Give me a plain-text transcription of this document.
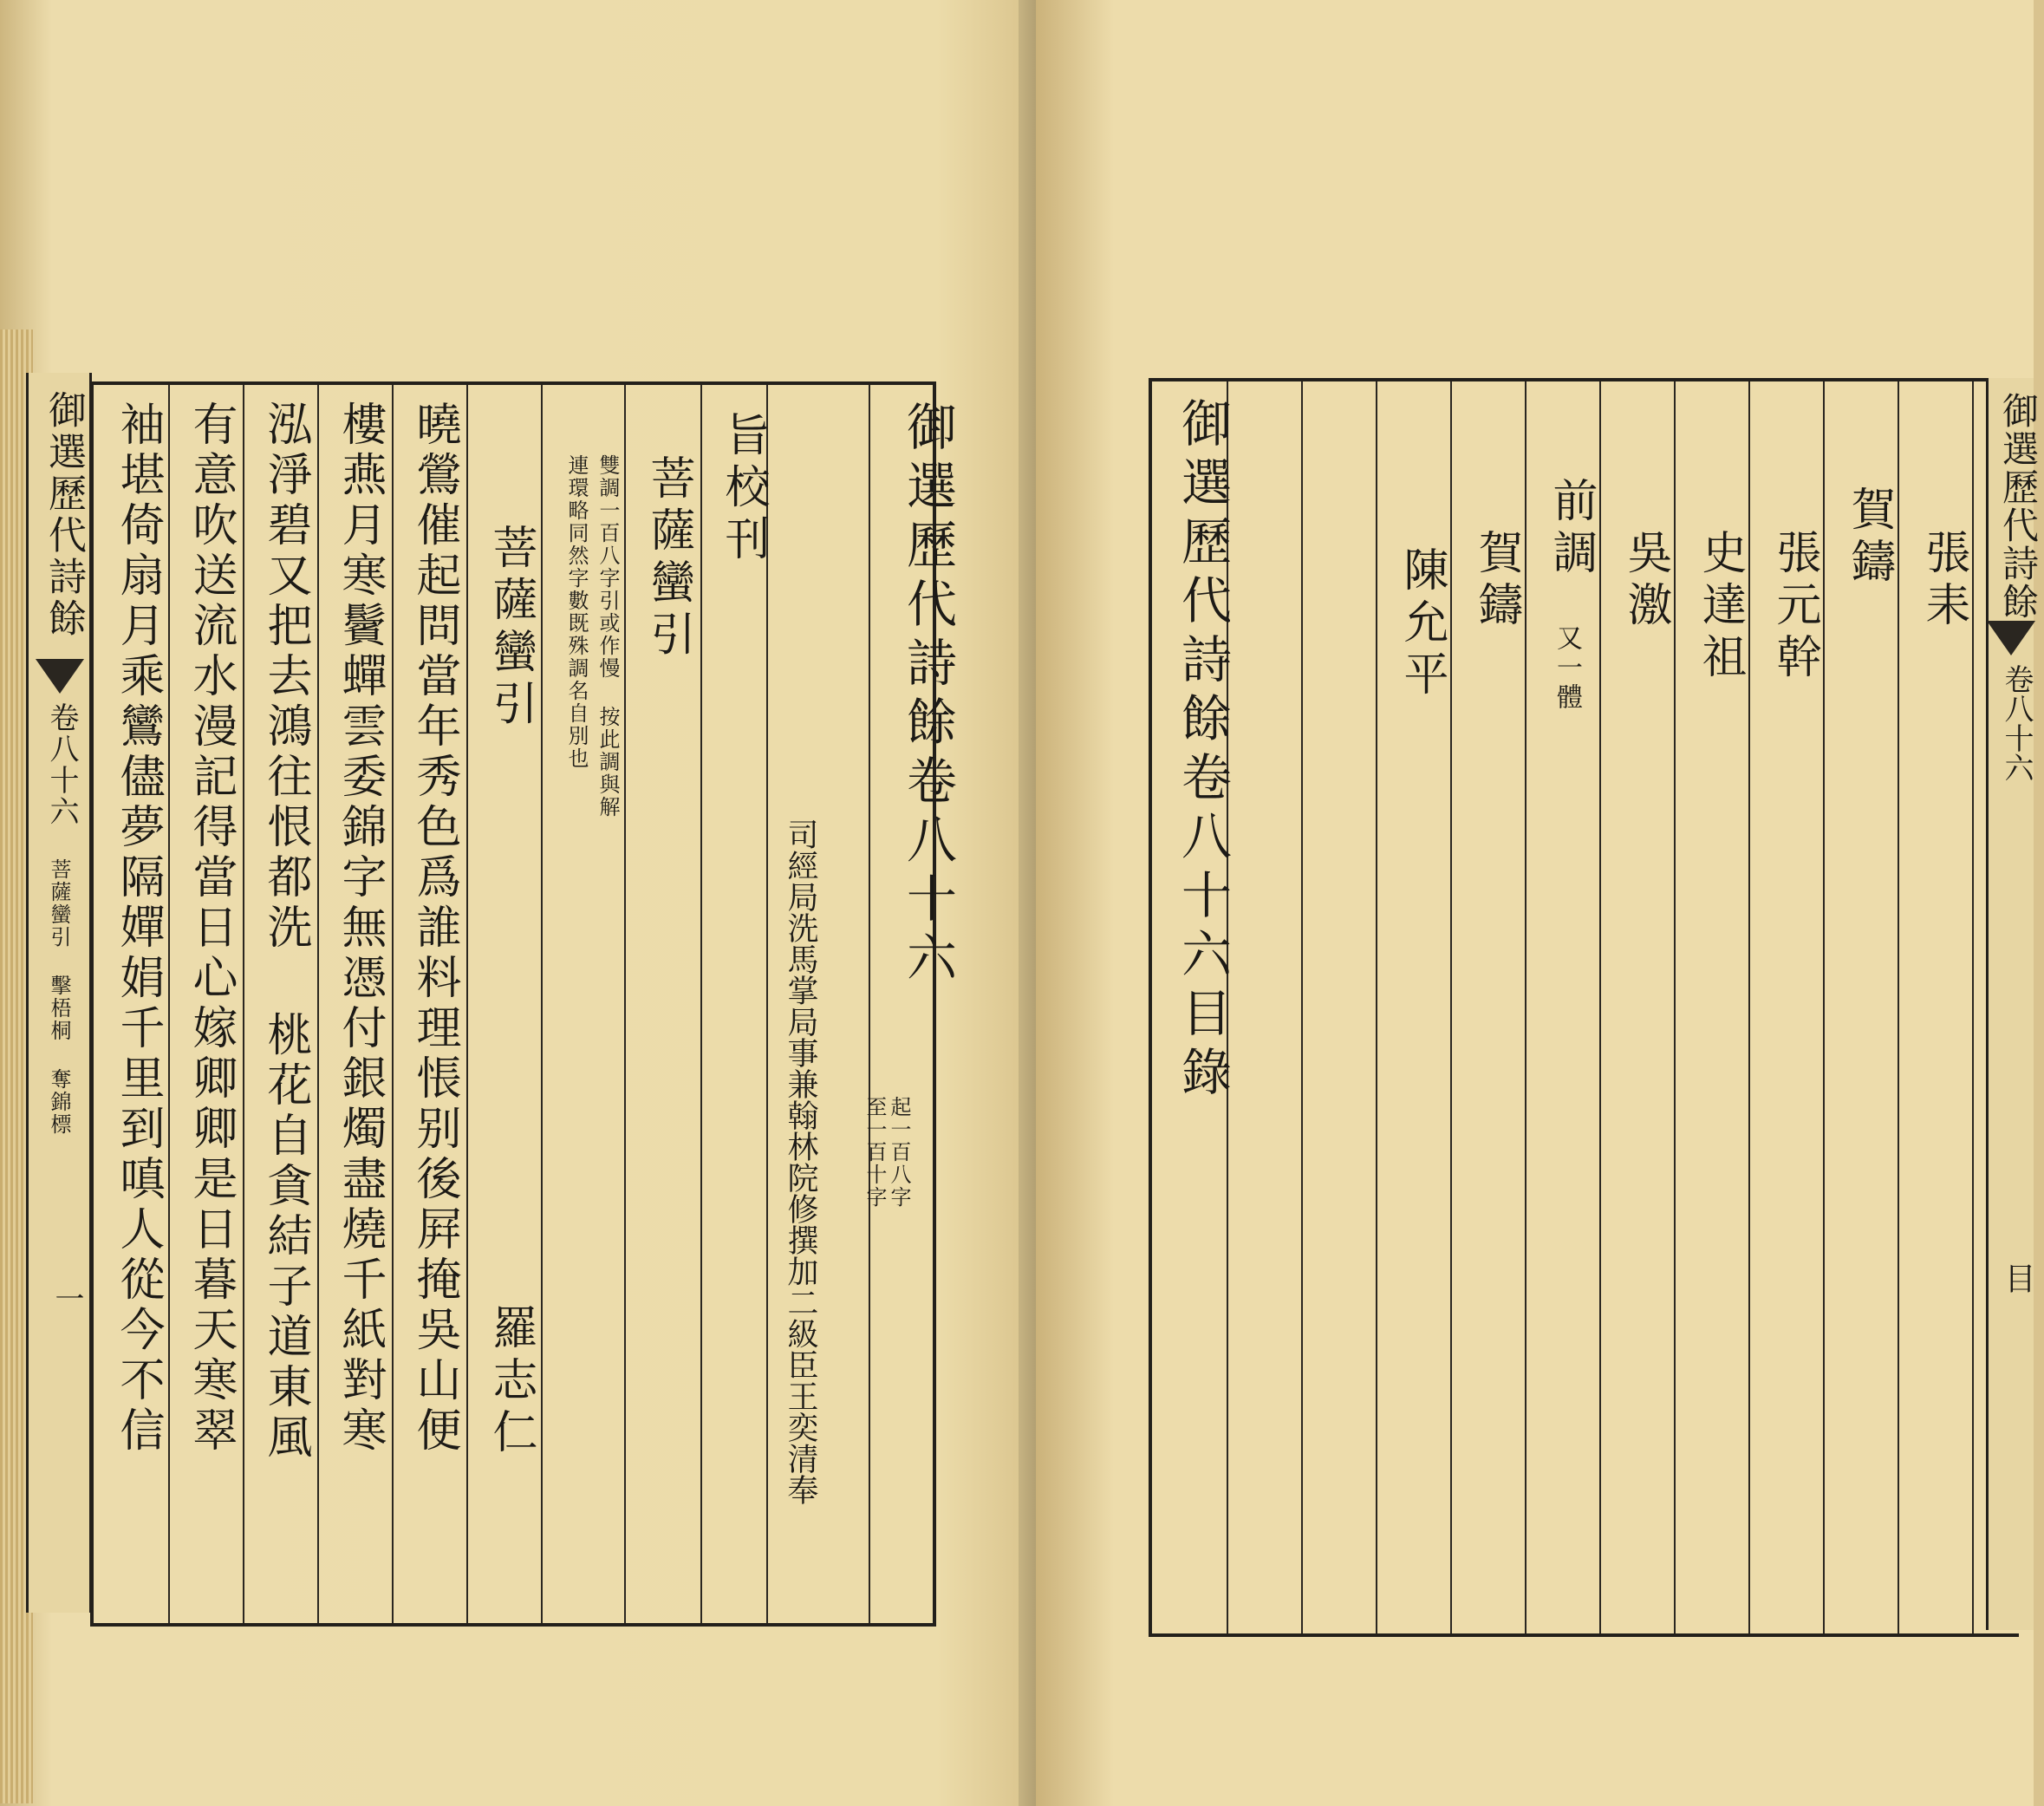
御選歷代詩餘
卷八十六
菩薩蠻引 擊梧桐 奪錦標
一
御選歷代詩餘卷八十六
起一百八字
至一百十字
司經局洗馬掌局事兼翰林院修撰加二級臣王奕清奉
旨校刊
菩薩蠻引
雙調一百八字引或作慢 按此調與解
連環略同然字數既殊調名自別也
菩薩蠻引
羅志仁
曉鶯催起問當年秀色爲誰料理悵别後屛掩吳山便
樓燕月寒鬢蟬雲委錦字無憑付銀燭盡燒千紙對寒
泓淨碧又把去鴻往恨都洗 桃花自貪結子道東風
有意吹送流水漫記得當日心嫁卿卿是日暮天寒翠
袖堪倚扇月乘鸞儘夢隔嬋娟千里到嗔人從今不信	御選歷代詩餘卷八十六目錄	陳允平 賀鑄 前調
又一體
吳激 史達祖 張元幹 賀鑄 張耒 御選歷代詩餘
卷八十六
目
